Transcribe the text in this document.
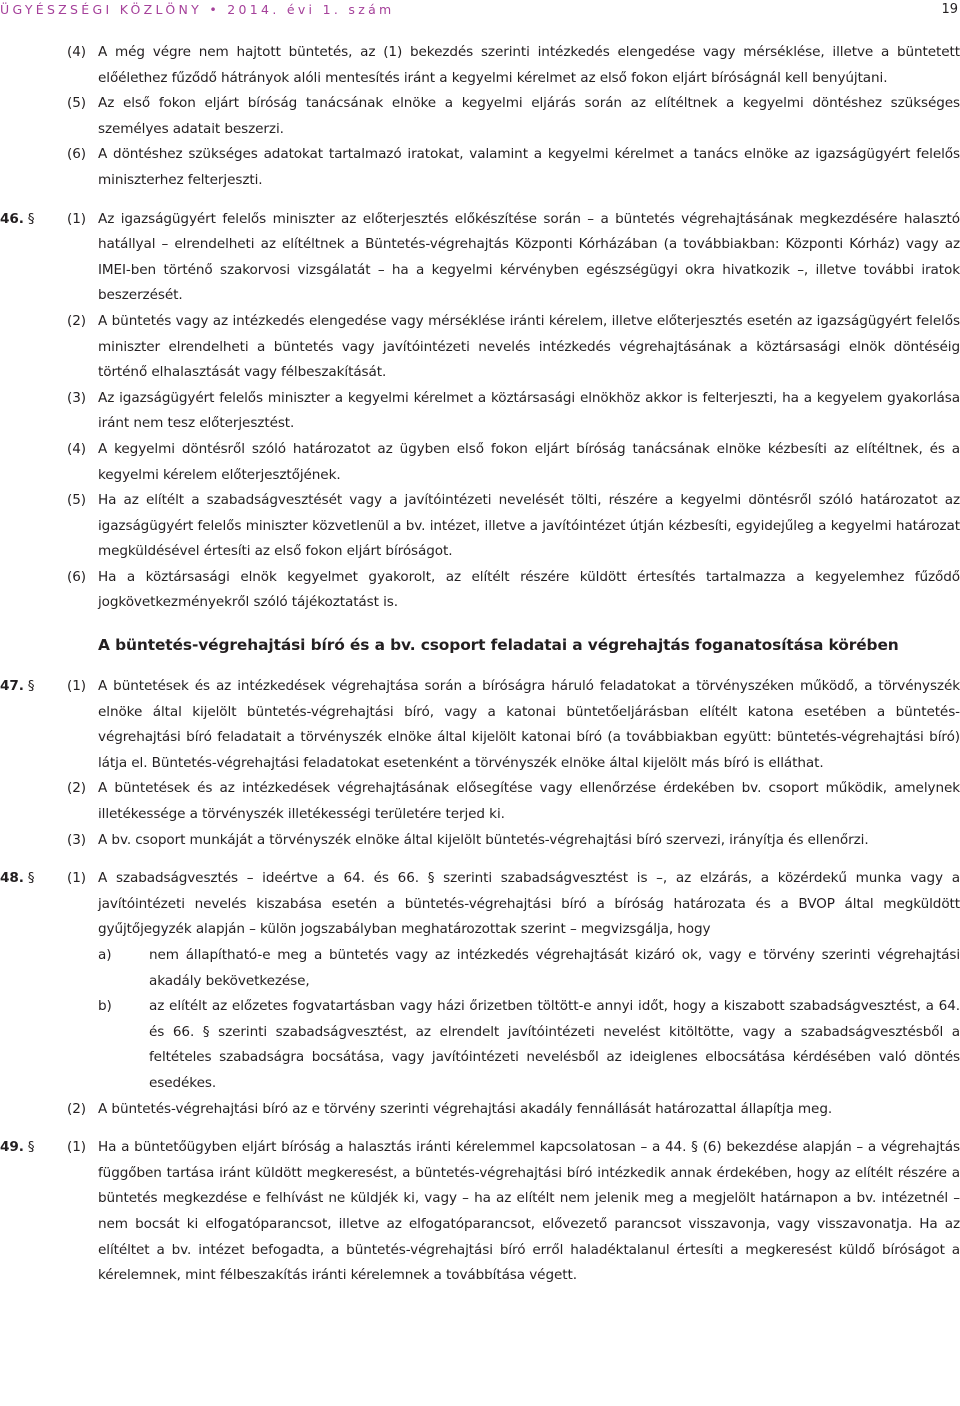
ÜGYÉSZSÉGI KÖZLÖNY • 2014. évi 1. szám	19
(4) A még végre nem hajtott büntetés, az (1) bekezdés szerinti intézkedés elengedése vagy mérséklése, illetve a büntetett előélethez fűződő hátrányok alóli mentesítés iránt a kegyelmi kérelmet az első fokon eljárt bíróságnál kell benyújtani.
(5) Az első fokon eljárt bíróság tanácsának elnöke a kegyelmi eljárás során az elítéltnek a kegyelmi döntéshez szükséges személyes adatait beszerzi.
(6) A döntéshez szükséges adatokat tartalmazó iratokat, valamint a kegyelmi kérelmet a tanács elnöke az igazságügyért felelős miniszterhez felterjeszti.
46. § (1) Az igazságügyért felelős miniszter az előterjesztés előkészítése során – a büntetés végrehajtásának megkezdésére halasztó hatállyal – elrendelheti az elítéltnek a Büntetés-végrehajtás Központi Kórházában (a továbbiakban: Központi Kórház) vagy az IMEI-ben történő szakorvosi vizsgálatát – ha a kegyelmi kérvényben egészségügyi okra hivatkozik –, illetve további iratok beszerzését.
(2) A büntetés vagy az intézkedés elengedése vagy mérséklése iránti kérelem, illetve előterjesztés esetén az igazságügyért felelős miniszter elrendelheti a büntetés vagy javítóintézeti nevelés intézkedés végrehajtásának a köztársasági elnök döntéséig történő elhalasztását vagy félbeszakítását.
(3) Az igazságügyért felelős miniszter a kegyelmi kérelmet a köztársasági elnökhöz akkor is felterjeszti, ha a kegyelem gyakorlása iránt nem tesz előterjesztést.
(4) A kegyelmi döntésről szóló határozatot az ügyben első fokon eljárt bíróság tanácsának elnöke kézbesíti az elítéltnek, és a kegyelmi kérelem előterjesztőjének.
(5) Ha az elítélt a szabadságvesztését vagy a javítóintézeti nevelését tölti, részére a kegyelmi döntésről szóló határozatot az igazságügyért felelős miniszter közvetlenül a bv. intézet, illetve a javítóintézet útján kézbesíti, egyidejűleg a kegyelmi határozat megküldésével értesíti az első fokon eljárt bíróságot.
(6) Ha a köztársasági elnök kegyelmet gyakorolt, az elítélt részére küldött értesítés tartalmazza a kegyelemhez fűződő jogkövetkezményekről szóló tájékoztatást is.
A büntetés-végrehajtási bíró és a bv. csoport feladatai a végrehajtás foganatosítása körében
47. § (1) A büntetések és az intézkedések végrehajtása során a bíróságra háruló feladatokat a törvényszéken működő, a törvényszék elnöke által kijelölt büntetés-végrehajtási bíró, vagy a katonai büntetőeljárásban elítélt katona esetében a büntetés-végrehajtási bíró feladatait a törvényszék elnöke által kijelölt katonai bíró (a továbbiakban együtt: büntetés-végrehajtási bíró) látja el. Büntetés-végrehajtási feladatokat esetenként a törvényszék elnöke által kijelölt más bíró is elláthat.
(2) A büntetések és az intézkedések végrehajtásának elősegítése vagy ellenőrzése érdekében bv. csoport működik, amelynek illetékessége a törvényszék illetékességi területére terjed ki.
(3) A bv. csoport munkáját a törvényszék elnöke által kijelölt büntetés-végrehajtási bíró szervezi, irányítja és ellenőrzi.
48. § (1) A szabadságvesztés – ideértve a 64. és 66. § szerinti szabadságvesztést is –, az elzárás, a közérdekű munka vagy a javítóintézeti nevelés kiszabása esetén a büntetés-végrehajtási bíró a bíróság határozata és a BVOP által megküldött gyűjtőjegyzék alapján – külön jogszabályban meghatározottak szerint – megvizsgálja, hogy
a)	nem állapítható-e meg a büntetés vagy az intézkedés végrehajtását kizáró ok, vagy e törvény szerinti végrehajtási akadály bekövetkezése,
b)	az elítélt az előzetes fogvatartásban vagy házi őrizetben töltött-e annyi időt, hogy a kiszabott szabadságvesztést, a 64. és 66. § szerinti szabadságvesztést, az elrendelt javítóintézeti nevelést kitöltötte, vagy a szabadságvesztésből a feltételes szabadságra bocsátása, vagy javítóintézeti nevelésből az ideiglenes elbocsátása kérdésében való döntés esedékes.
(2) A büntetés-végrehajtási bíró az e törvény szerinti végrehajtási akadály fennállását határozattal állapítja meg.
49. § (1) Ha a büntetőügyben eljárt bíróság a halasztás iránti kérelemmel kapcsolatosan – a 44. § (6) bekezdése alapján – a végrehajtás függőben tartása iránt küldött megkeresést, a büntetés-végrehajtási bíró intézkedik annak érdekében, hogy az elítélt részére a büntetés megkezdése e felhívást ne küldjék ki, vagy – ha az elítélt nem jelenik meg a megjelölt határnapon a bv. intézetnél – nem bocsát ki elfogatóparancsot, illetve az elfogatóparancsot, elővezető parancsot visszavonja, vagy visszavonatja. Ha az elítéltet a bv. intézet befogadta, a büntetés-végrehajtási bíró erről haladéktalanul értesíti a megkeresést küldő bíróságot a kérelemnek, mint félbeszakítás iránti kérelemnek a továbbítása végett.
